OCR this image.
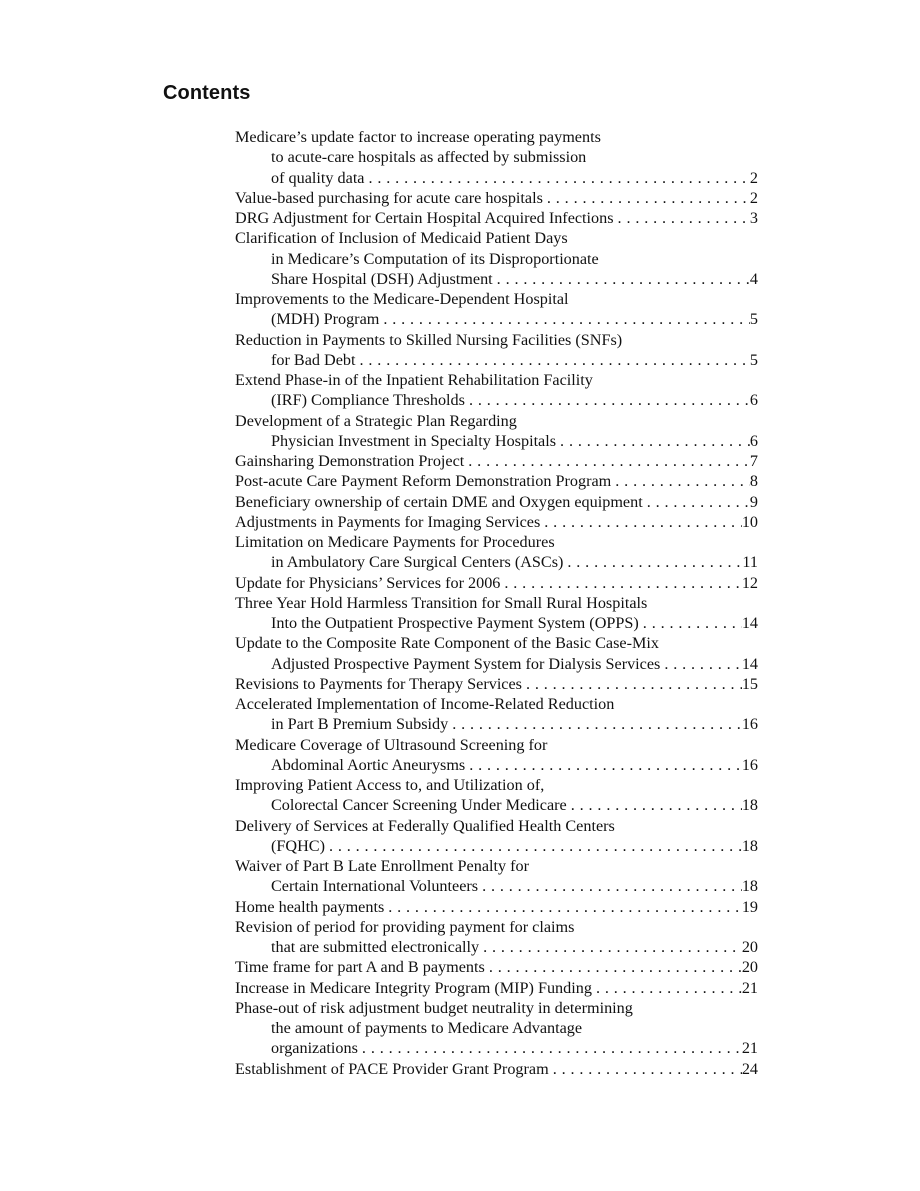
Contents
Medicare’s update factor to increase operating payments
to acute-care hospitals as affected by submission
of quality data . . .	2
Value-based purchasing for acute care hospitals . . .	2
DRG Adjustment for Certain Hospital Acquired Infections . . .	3
Clarification of Inclusion of Medicaid Patient Days
in Medicare’s Computation of its Disproportionate
Share Hospital (DSH) Adjustment . . .	4
Improvements to the Medicare-Dependent Hospital
(MDH) Program . . .	5
Reduction in Payments to Skilled Nursing Facilities (SNFs)
for Bad Debt . . .	5
Extend Phase-in of the Inpatient Rehabilitation Facility
(IRF) Compliance Thresholds . . .	6
Development of a Strategic Plan Regarding
Physician Investment in Specialty Hospitals . . .	6
Gainsharing Demonstration Project . . .	7
Post-acute Care Payment Reform Demonstration Program . . .	8
Beneficiary ownership of certain DME and Oxygen equipment . . .	9
Adjustments in Payments for Imaging Services . . .	10
Limitation on Medicare Payments for Procedures
in Ambulatory Care Surgical Centers (ASCs) . . .	11
Update for Physicians’ Services for 2006 . . .	12
Three Year Hold Harmless Transition for Small Rural Hospitals
Into the Outpatient Prospective Payment System (OPPS) . . .	14
Update to the Composite Rate Component of the Basic Case-Mix
Adjusted Prospective Payment System for Dialysis Services . . .	14
Revisions to Payments for Therapy Services . . .	15
Accelerated Implementation of Income-Related Reduction
in Part B Premium Subsidy . . .	16
Medicare Coverage of Ultrasound Screening for
Abdominal Aortic Aneurysms . . .	16
Improving Patient Access to, and Utilization of,
Colorectal Cancer Screening Under Medicare . . .	18
Delivery of Services at Federally Qualified Health Centers
(FQHC) . . .	18
Waiver of Part B Late Enrollment Penalty for
Certain International Volunteers . . .	18
Home health payments . . .	19
Revision of period for providing payment for claims
that are submitted electronically . . .	20
Time frame for part A and B payments . . .	20
Increase in Medicare Integrity Program (MIP) Funding . . .	21
Phase-out of risk adjustment budget neutrality in determining
the amount of payments to Medicare Advantage
organizations . . .	21
Establishment of PACE Provider Grant Program . . .	24
